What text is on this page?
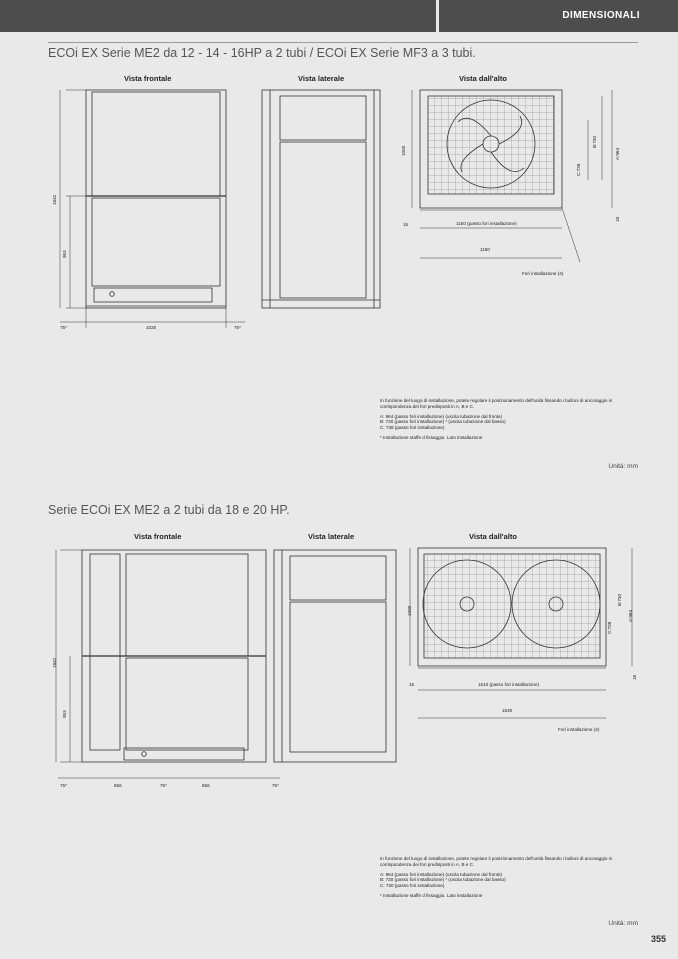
DIMENSIONALI
ECOi EX Serie ME2 da 12 - 14 - 16HP a 2 tubi / ECOi EX Serie MF3 a 3 tubi.
Vista frontale	Vista laterale	Vista dall'alto
1842
953
75*	1020	75*
1000
15	1150 (passo fori installazione)
1180
Fori installazione (4)
B:730
C:738
A:964
18
1842
953
75*	656	75*	656	75*
1000
15	1510 (passo fori installazione)
1540
Fori installazione (4)
B:730
C:738
A:964
18

In funzione del luogo di installazione, potete regolare il posizionamento dell'unità fissando i bulloni di ancoraggio in corrispondenza dei fori predisposti in A, B e C.

A: 964 (passo fori installazione) (uscita tubazione dal fronte)
B: 730 (passo fori installazione) * (uscita tubazione dal basso)
C: 738 (passo fori installazione)
* Installazione staffe d fissaggio. Lato installazione
Unità: mm
Serie ECOi EX ME2 a 2 tubi da 18 e 20 HP.
Vista frontale	Vista laterale	Vista dall'alto

In funzione del luogo di installazione, potete regolare il posizionamento dell'unità fissando i bulloni di ancoraggio in corrispondenza dei fori predisposti in A, B e C.

A: 964 (passo fori installazione) (uscita tubazione dal fronte)
B: 730 (passo fori installazione) * (uscita tubazione dal basso)
C: 730 (passo fori installazione)
* Installazione staffe d fissaggio. Lato installazione
Unità: mm
355
